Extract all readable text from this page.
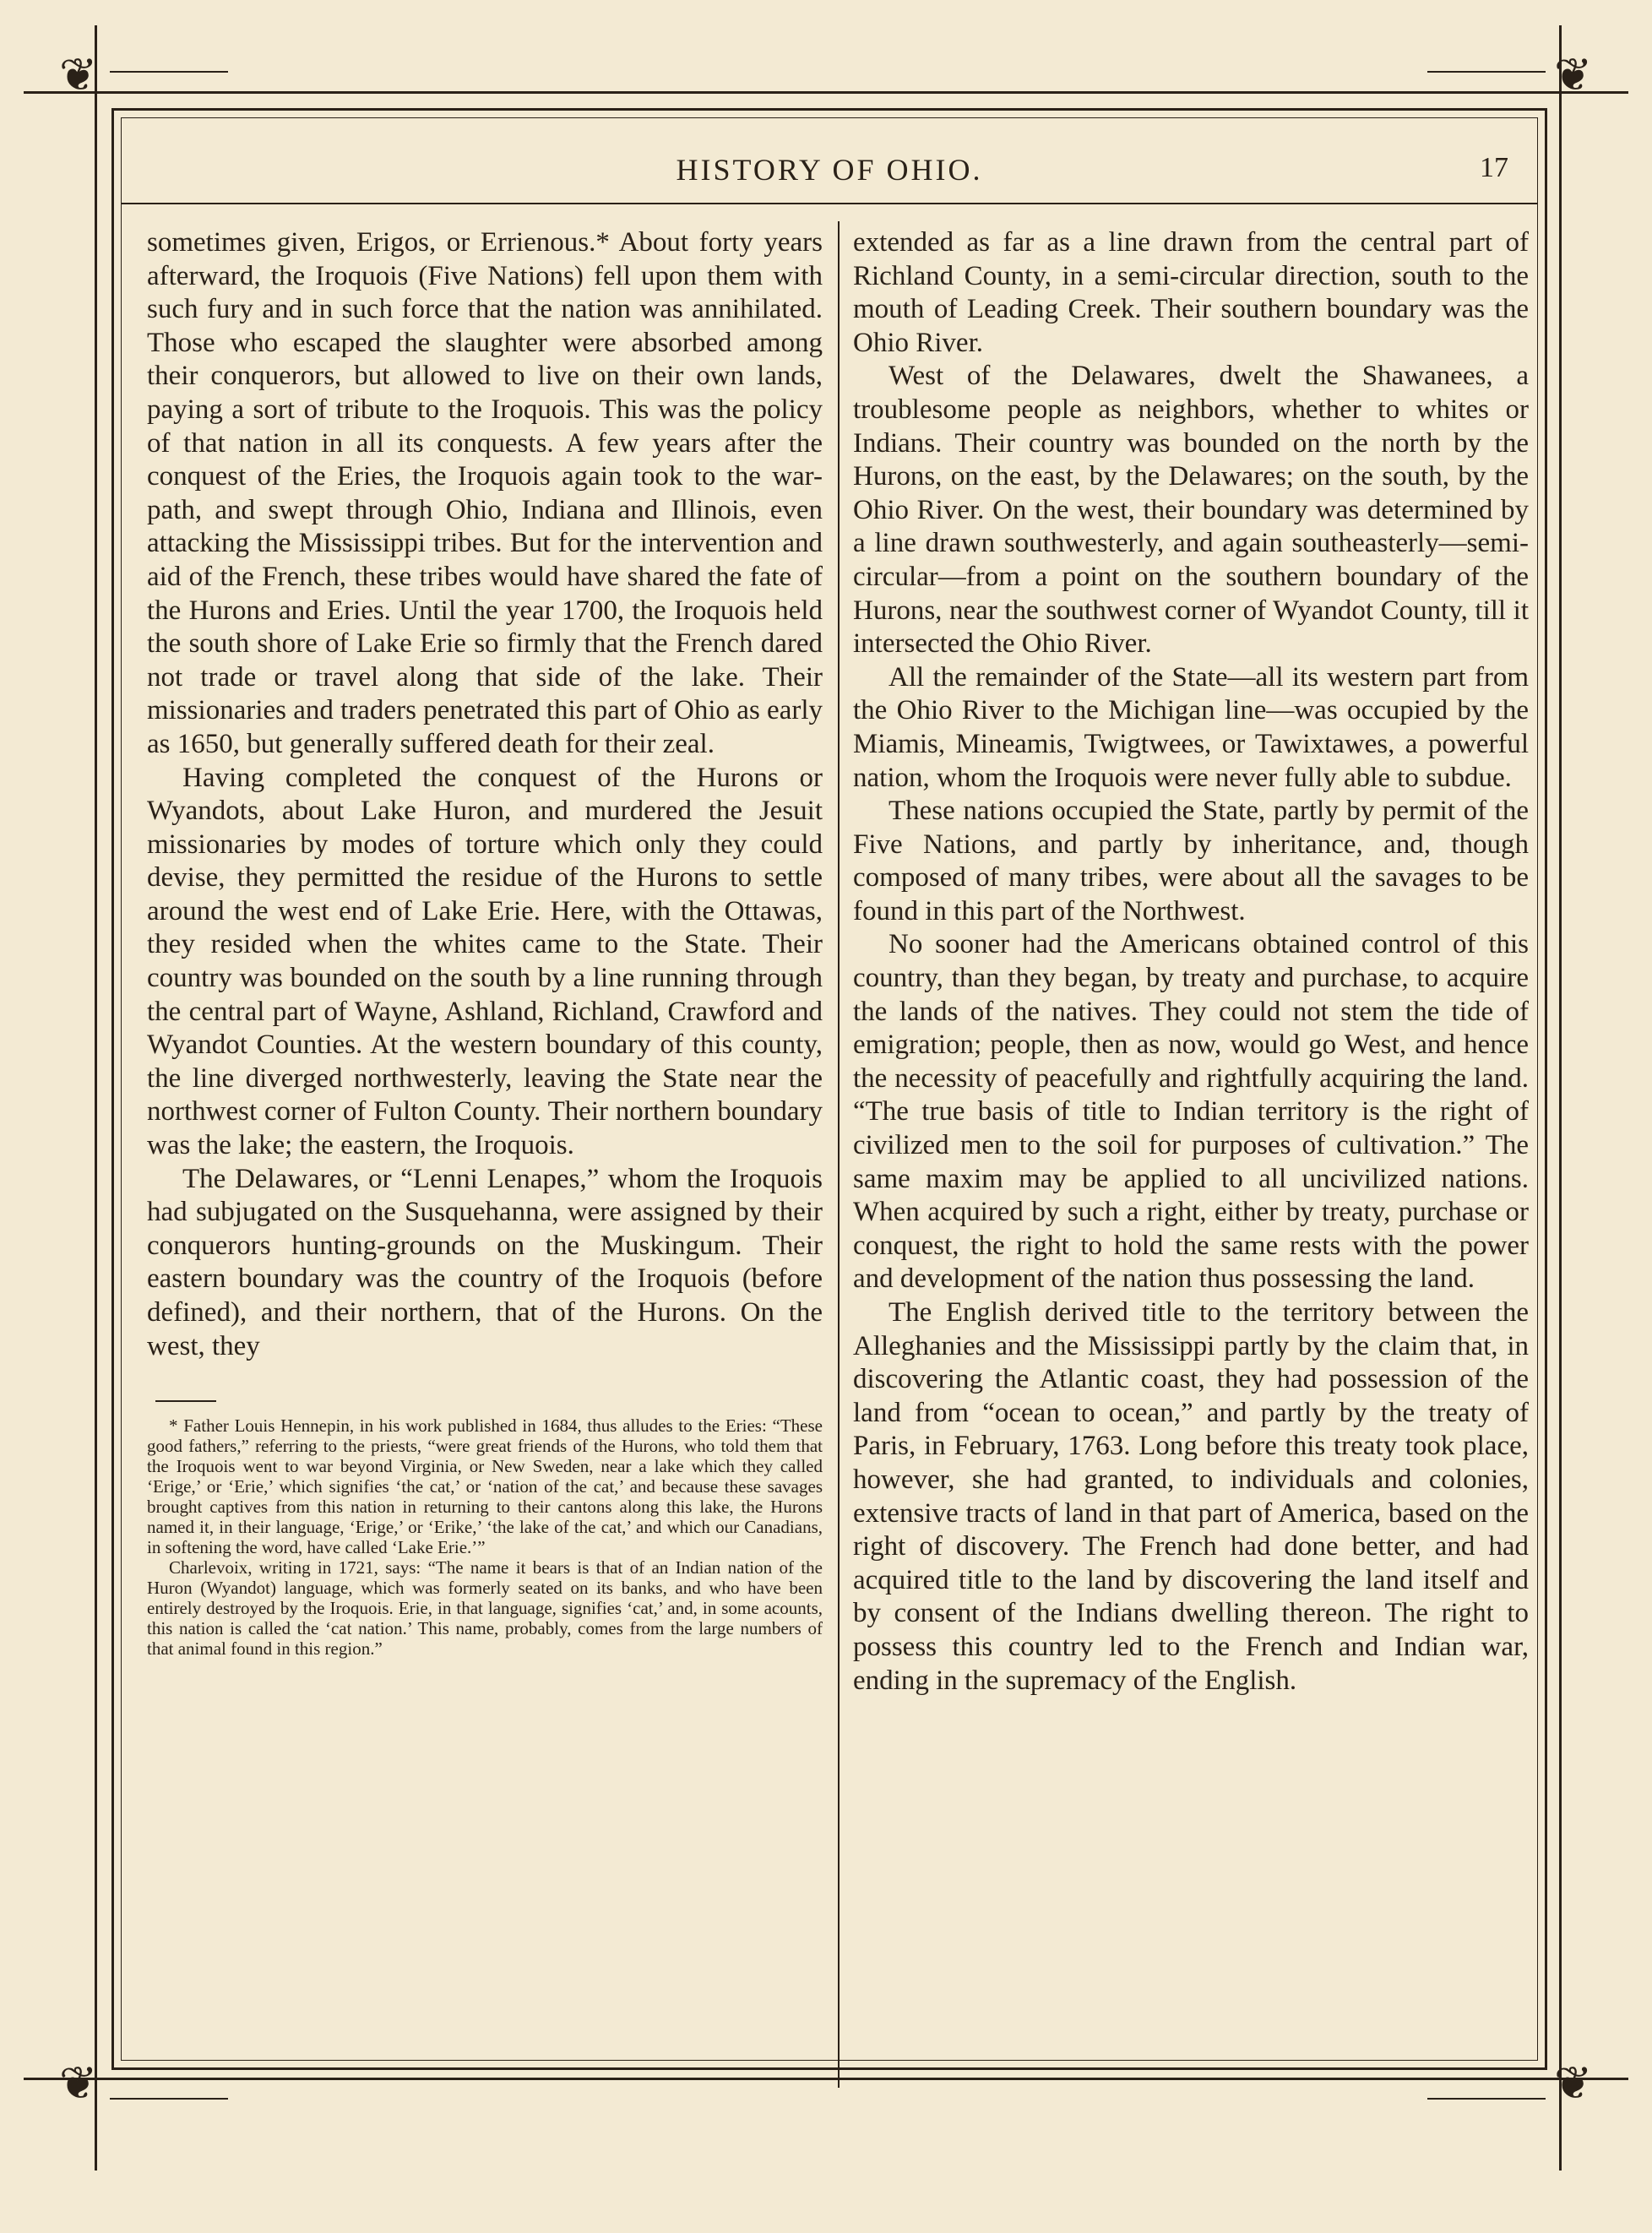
❦	❦
❦	❦
HISTORY OF OHIO.	17

sometimes given, Erigos, or Errienous.* About forty years afterward, the Iroquois (Five Nations) fell upon them with such fury and in such force that the nation was annihilated. Those who escaped the slaughter were absorbed among their conquerors, but allowed to live on their own lands, paying a sort of tribute to the Iroquois. This was the policy of that nation in all its conquests. A few years after the conquest of the Eries, the Iroquois again took to the war-path, and swept through Ohio, Indiana and Illinois, even attacking the Mississippi tribes. But for the intervention and aid of the French, these tribes would have shared the fate of the Hurons and Eries. Until the year 1700, the Iroquois held the south shore of Lake Erie so firmly that the French dared not trade or travel along that side of the lake. Their missionaries and traders penetrated this part of Ohio as early as 1650, but generally suffered death for their zeal.

Having completed the conquest of the Hurons or Wyandots, about Lake Huron, and murdered the Jesuit missionaries by modes of torture which only they could devise, they permitted the residue of the Hurons to settle around the west end of Lake Erie. Here, with the Ottawas, they resided when the whites came to the State. Their country was bounded on the south by a line running through the central part of Wayne, Ashland, Richland, Crawford and Wyandot Counties. At the western boundary of this county, the line diverged northwesterly, leaving the State near the northwest corner of Fulton County. Their northern boundary was the lake; the eastern, the Iroquois.

The Delawares, or “Lenni Lenapes,” whom the Iroquois had subjugated on the Susquehanna, were assigned by their conquerors hunting-grounds on the Muskingum. Their eastern boundary was the country of the Iroquois (before defined), and their northern, that of the Hurons. On the west, they

* Father Louis Hennepin, in his work published in 1684, thus alludes to the Eries: “These good fathers,” referring to the priests, “were great friends of the Hurons, who told them that the Iroquois went to war beyond Virginia, or New Sweden, near a lake which they called ‘Erige,’ or ‘Erie,’ which signifies ‘the cat,’ or ‘nation of the cat,’ and because these savages brought captives from this nation in returning to their cantons along this lake, the Hurons named it, in their language, ‘Erige,’ or ‘Erike,’ ‘the lake of the cat,’ and which our Canadians, in softening the word, have called ‘Lake Erie.’”

Charlevoix, writing in 1721, says: “The name it bears is that of an Indian nation of the Huron (Wyandot) language, which was formerly seated on its banks, and who have been entirely destroyed by the Iroquois. Erie, in that language, signifies ‘cat,’ and, in some acounts, this nation is called the ‘cat nation.’ This name, probably, comes from the large numbers of that animal found in this region.”

extended as far as a line drawn from the central part of Richland County, in a semi-circular direction, south to the mouth of Leading Creek. Their southern boundary was the Ohio River.

West of the Delawares, dwelt the Shawanees, a troublesome people as neighbors, whether to whites or Indians. Their country was bounded on the north by the Hurons, on the east, by the Delawares; on the south, by the Ohio River. On the west, their boundary was determined by a line drawn southwesterly, and again southeasterly—semi-circular—from a point on the southern boundary of the Hurons, near the southwest corner of Wyandot County, till it intersected the Ohio River.

All the remainder of the State—all its western part from the Ohio River to the Michigan line—was occupied by the Miamis, Mineamis, Twigtwees, or Tawixtawes, a powerful nation, whom the Iroquois were never fully able to subdue.

These nations occupied the State, partly by permit of the Five Nations, and partly by inheritance, and, though composed of many tribes, were about all the savages to be found in this part of the Northwest.

No sooner had the Americans obtained control of this country, than they began, by treaty and purchase, to acquire the lands of the natives. They could not stem the tide of emigration; people, then as now, would go West, and hence the necessity of peacefully and rightfully acquiring the land. “The true basis of title to Indian territory is the right of civilized men to the soil for purposes of cultivation.” The same maxim may be applied to all uncivilized nations. When acquired by such a right, either by treaty, purchase or conquest, the right to hold the same rests with the power and development of the nation thus possessing the land.

The English derived title to the territory between the Alleghanies and the Mississippi partly by the claim that, in discovering the Atlantic coast, they had possession of the land from “ocean to ocean,” and partly by the treaty of Paris, in February, 1763. Long before this treaty took place, however, she had granted, to individuals and colonies, extensive tracts of land in that part of America, based on the right of discovery. The French had done better, and had acquired title to the land by discovering the land itself and by consent of the Indians dwelling thereon. The right to possess this country led to the French and Indian war, ending in the supremacy of the English.
